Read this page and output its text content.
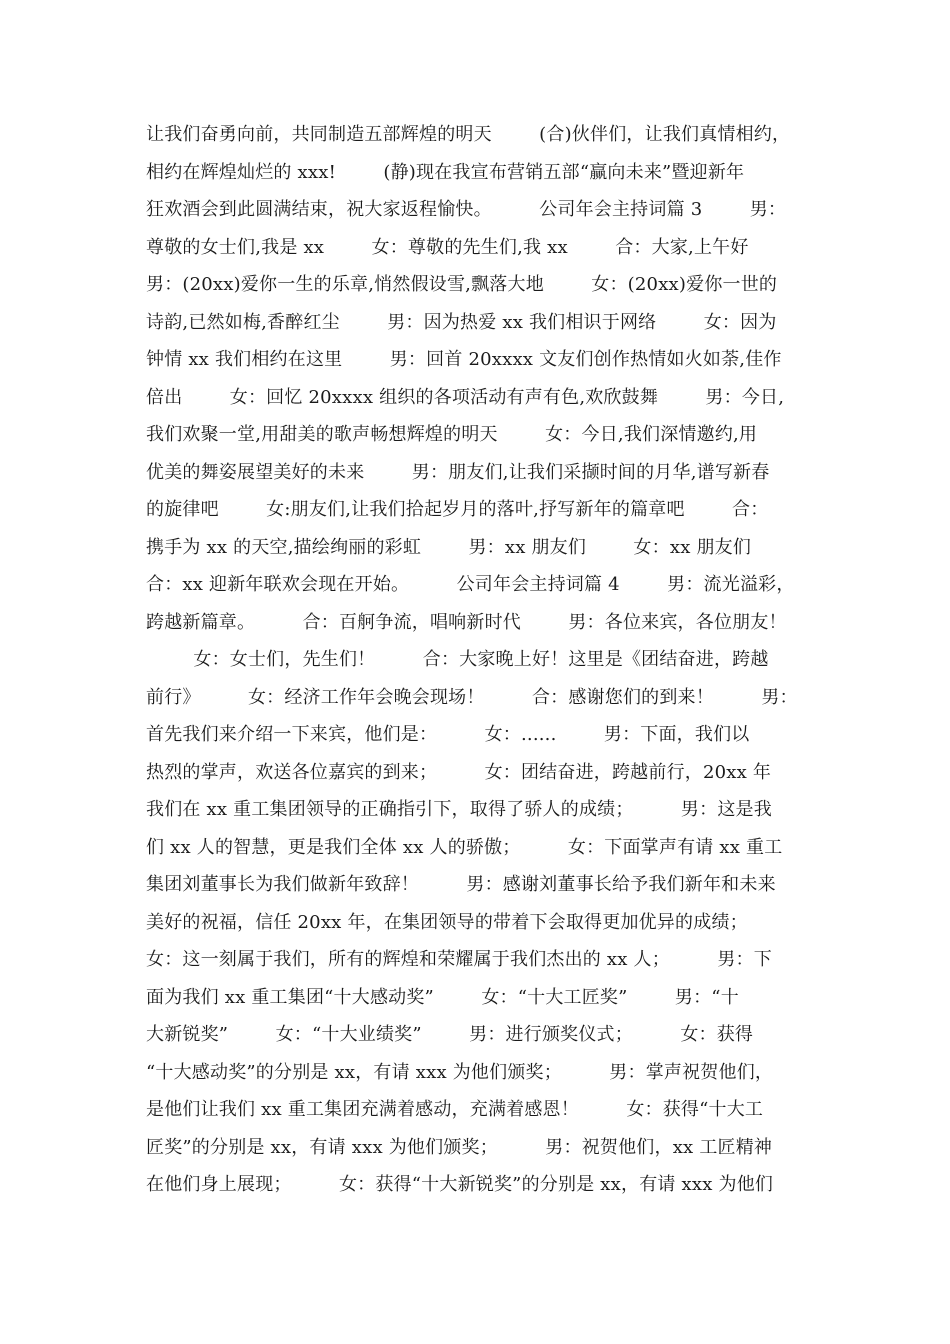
让我们奋勇向前，共同制造五部辉煌的明天        (合)伙伴们，让我们真情相约，
相约在辉煌灿烂的 xxx!        (静)现在我宣布营销五部“赢向未来”暨迎新年
狂欢酒会到此圆满结束，祝大家返程愉快。        公司年会主持词篇 3        男：
尊敬的女士们,我是 xx        女：尊敬的先生们,我 xx        合：大家,上午好
男：(20xx)爱你一生的乐章,悄然假设雪,飘落大地        女：(20xx)爱你一世的
诗韵,已然如梅,香醉红尘        男：因为热爱 xx 我们相识于网络        女：因为
钟情 xx 我们相约在这里        男：回首 20xxxx 文友们创作热情如火如荼,佳作
倍出        女：回忆 20xxxx 组织的各项活动有声有色,欢欣鼓舞        男：今日,
我们欢聚一堂,用甜美的歌声畅想辉煌的明天        女：今日,我们深情邀约,用
优美的舞姿展望美好的未来        男：朋友们,让我们采撷时间的月华,谱写新春
的旋律吧        女:朋友们,让我们拾起岁月的落叶,抒写新年的篇章吧        合：
携手为 xx 的天空,描绘绚丽的彩虹        男：xx 朋友们        女：xx 朋友们
合：xx 迎新年联欢会现在开始。        公司年会主持词篇 4        男：流光溢彩，
跨越新篇章。        合：百舸争流，唱响新时代        男：各位来宾，各位朋友！
女：女士们，先生们！        合：大家晚上好！这里是《团结奋进，跨越
前行》        女：经济工作年会晚会现场！        合：感谢您们的到来！        男：
首先我们来介绍一下来宾，他们是：        女：......        男：下面，我们以
热烈的掌声，欢送各位嘉宾的到来；        女：团结奋进，跨越前行，20xx 年
我们在 xx 重工集团领导的正确指引下，取得了骄人的成绩；        男：这是我
们 xx 人的智慧，更是我们全体 xx 人的骄傲；        女：下面掌声有请 xx 重工
集团刘董事长为我们做新年致辞！        男：感谢刘董事长给予我们新年和未来
美好的祝福，信任 20xx 年，在集团领导的带着下会取得更加优异的成绩；
女：这一刻属于我们，所有的辉煌和荣耀属于我们杰出的 xx 人；        男：下
面为我们 xx 重工集团“十大感动奖”        女：“十大工匠奖”        男：“十
大新锐奖”        女：“十大业绩奖”        男：进行颁奖仪式；        女：获得
“十大感动奖”的分别是 xx，有请 xxx 为他们颁奖；        男：掌声祝贺他们，
是他们让我们 xx 重工集团充满着感动，充满着感恩！        女：获得“十大工
匠奖”的分别是 xx，有请 xxx 为他们颁奖；        男：祝贺他们，xx 工匠精神
在他们身上展现；        女：获得“十大新锐奖”的分别是 xx，有请 xxx 为他们
